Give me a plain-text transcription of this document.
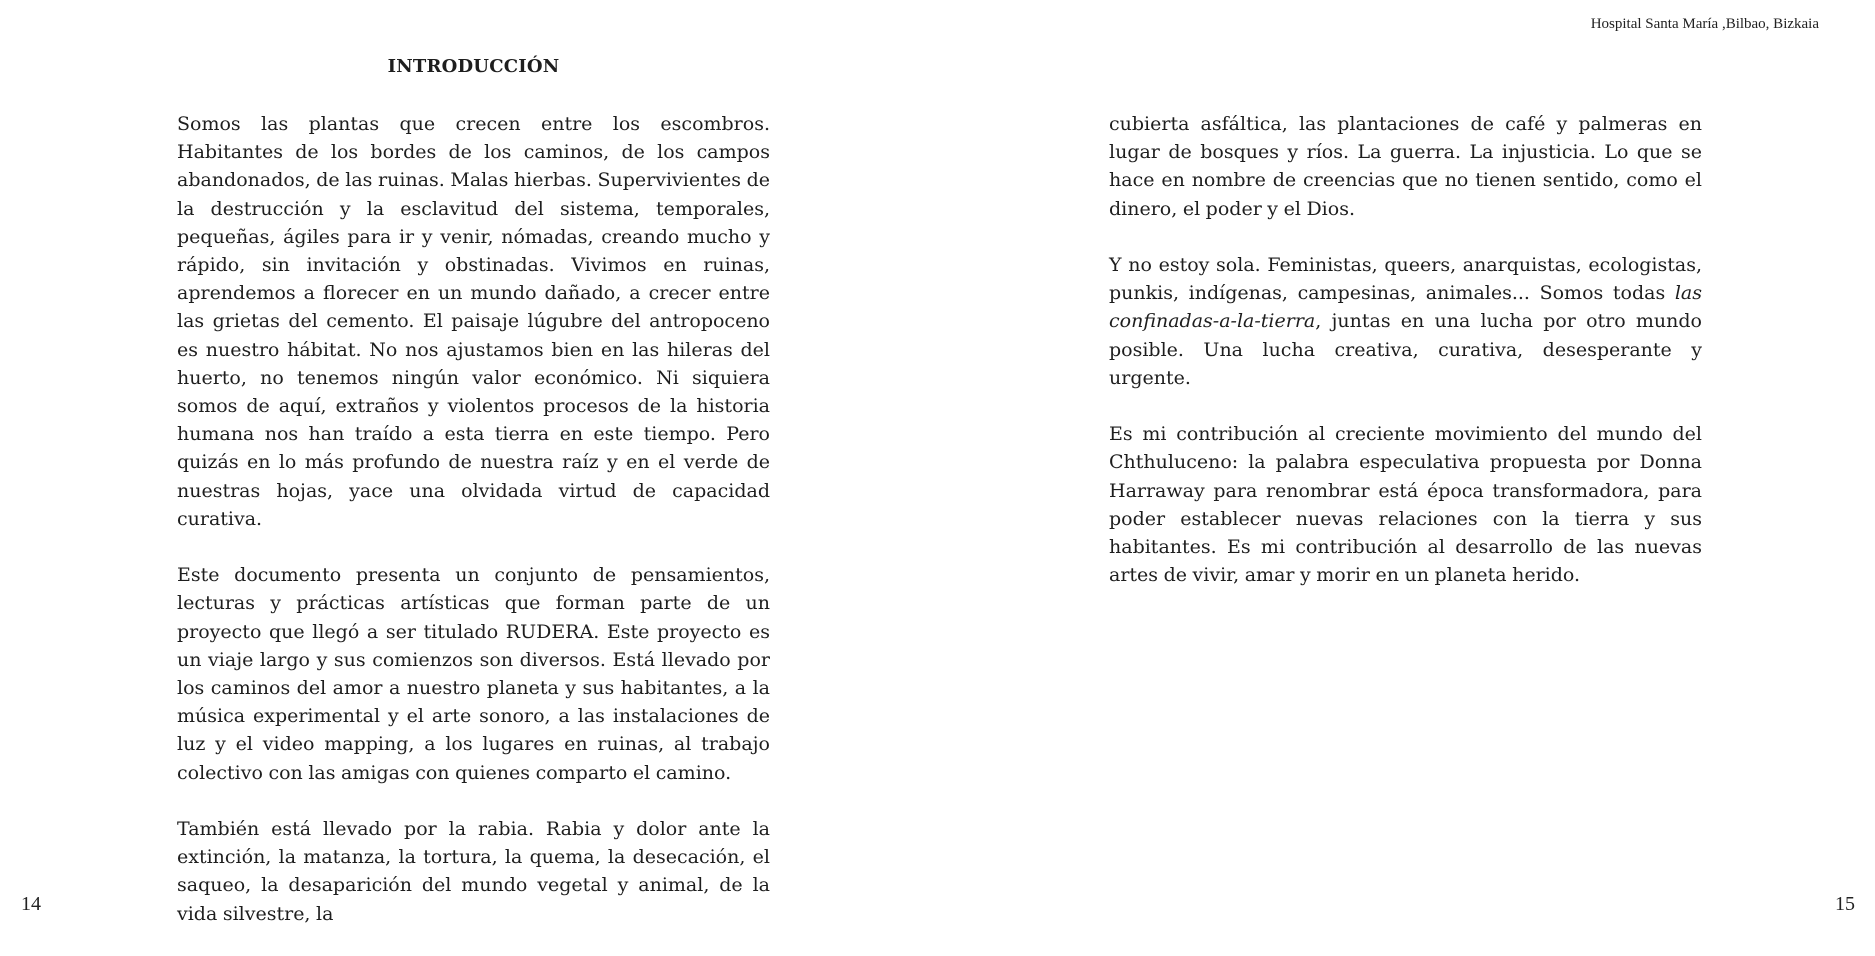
INTRODUCCIÓN

Somos las plantas que crecen entre los escombros. Habitantes de los bordes de los caminos, de los campos abandonados, de las ruinas. Malas hierbas. Supervivientes de la destrucción y la esclavitud del sistema, temporales, pequeñas, ágiles para ir y venir, nómadas, creando mucho y rápido, sin invitación y obstinadas. Vivimos en ruinas, aprendemos a florecer en un mundo dañado, a crecer entre las grietas del cemento. El paisaje lúgubre del antropoceno es nuestro hábitat. No nos ajustamos bien en las hileras del huerto, no tenemos ningún valor económico. Ni siquiera somos de aquí, extraños y violentos procesos de la historia humana nos han traído a esta tierra en este tiempo. Pero quizás en lo más profundo de nuestra raíz y en el verde de nuestras hojas, yace una olvidada virtud de capacidad curativa.

Este documento presenta un conjunto de pensamientos, lecturas y prácticas artísticas que forman parte de un proyecto que llegó a ser titulado RUDERA. Este proyecto es un viaje largo y sus comienzos son diversos. Está llevado por los caminos del amor a nuestro planeta y sus habitantes, a la música experimental y el arte sonoro, a las instalaciones de luz y el video mapping, a los lugares en ruinas, al trabajo colectivo con las amigas con quienes comparto el camino.

También está llevado por la rabia. Rabia y dolor ante la extinción, la matanza, la tortura, la quema, la desecación, el saqueo, la desaparición del mundo vegetal y animal, de la vida silvestre, la

14
Hospital Santa María ,Bilbao, Bizkaia

cubierta asfáltica, las plantaciones de café y palmeras en lugar de bosques y ríos. La guerra. La injusticia. Lo que se hace en nombre de creencias que no tienen sentido, como el dinero, el poder y el Dios.

Y no estoy sola. Feministas, queers, anarquistas, ecologistas, punkis, indígenas, campesinas, animales... Somos todas las confinadas-a-la-tierra, juntas en una lucha por otro mundo posible. Una lucha creativa, curativa, desesperante y urgente.

Es mi contribución al creciente movimiento del mundo del Chthuluceno: la palabra especulativa propuesta por Donna Harraway para renombrar está época transformadora, para poder establecer nuevas relaciones con la tierra y sus habitantes. Es mi contribución al desarrollo de las nuevas artes de vivir, amar y morir en un planeta herido.

15
